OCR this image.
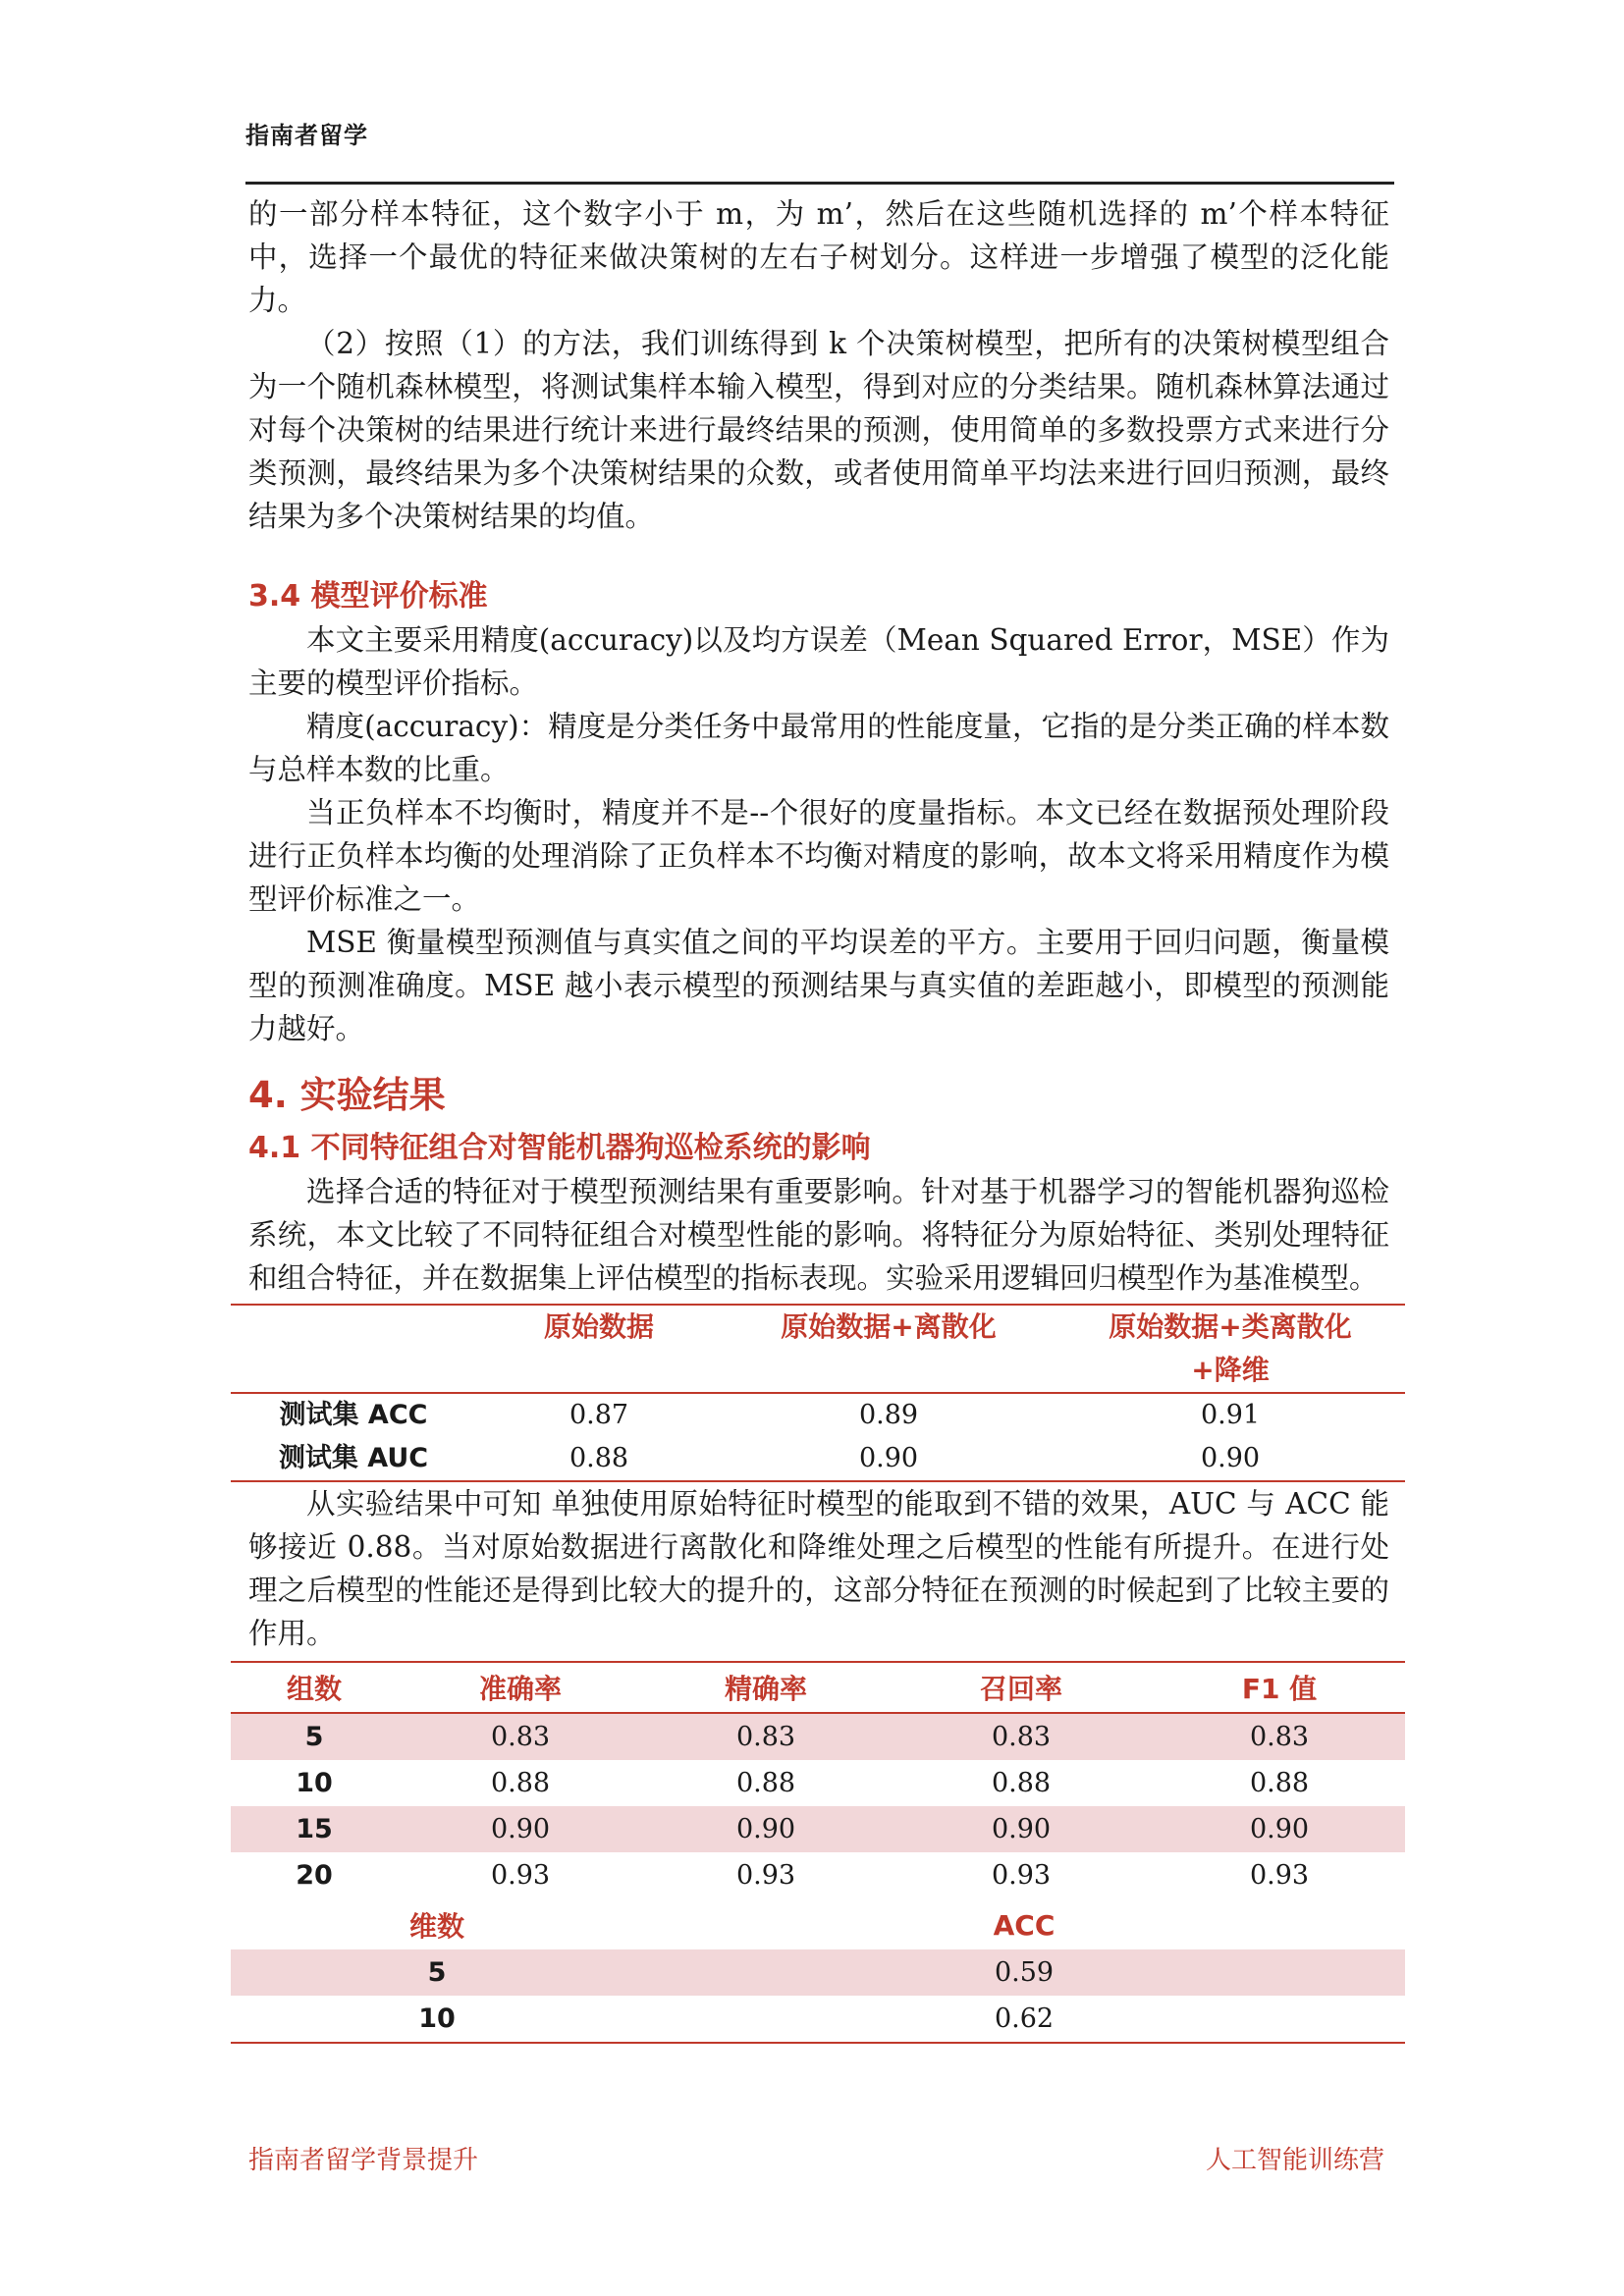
指南者留学

的一部分样本特征，这个数字小于 m，为 m’，然后在这些随机选择的 m’个样本特征中，选择一个最优的特征来做决策树的左右子树划分。这样进一步增强了模型的泛化能力。

（2）按照（1）的方法，我们训练得到 k 个决策树模型，把所有的决策树模型组合为一个随机森林模型，将测试集样本输入模型，得到对应的分类结果。随机森林算法通过对每个决策树的结果进行统计来进行最终结果的预测，使用简单的多数投票方式来进行分类预测，最终结果为多个决策树结果的众数，或者使用简单平均法来进行回归预测，最终结果为多个决策树结果的均值。

3.4 模型评价标准

本文主要采用精度(accuracy)以及均方误差（Mean Squared Error，MSE）作为主要的模型评价指标。

精度(accuracy)：精度是分类任务中最常用的性能度量，它指的是分类正确的样本数与总样本数的比重。

当正负样本不均衡时，精度并不是--个很好的度量指标。本文已经在数据预处理阶段进行正负样本均衡的处理消除了正负样本不均衡对精度的影响，故本文将采用精度作为模型评价标准之一。

MSE 衡量模型预测值与真实值之间的平均误差的平方。主要用于回归问题，衡量模型的预测准确度。MSE 越小表示模型的预测结果与真实值的差距越小，即模型的预测能力越好。

4. 实验结果
4.1 不同特征组合对智能机器狗巡检系统的影响

选择合适的特征对于模型预测结果有重要影响。针对基于机器学习的智能机器狗巡检系统，本文比较了不同特征组合对模型性能的影响。将特征分为原始特征、类别处理特征和组合特征，并在数据集上评估模型的指标表现。实验采用逻辑回归模型作为基准模型。

	原始数据	原始数据+离散化	原始数据+类离散化+降维
测试集 ACC	0.87	0.89	0.91
测试集 AUC	0.88	0.90	0.90

从实验结果中可知 单独使用原始特征时模型的能取到不错的效果，AUC 与 ACC 能够接近 0.88。当对原始数据进行离散化和降维处理之后模型的性能有所提升。在进行处理之后模型的性能还是得到比较大的提升的，这部分特征在预测的时候起到了比较主要的作用。

组数	准确率	精确率	召回率	F1 值
5	0.83	0.83	0.83	0.83
10	0.88	0.88	0.88	0.88
15	0.90	0.90	0.90	0.90
20	0.93	0.93	0.93	0.93
维数		ACC		
5		0.59		
10		0.62		
指南者留学背景提升	人工智能训练营
